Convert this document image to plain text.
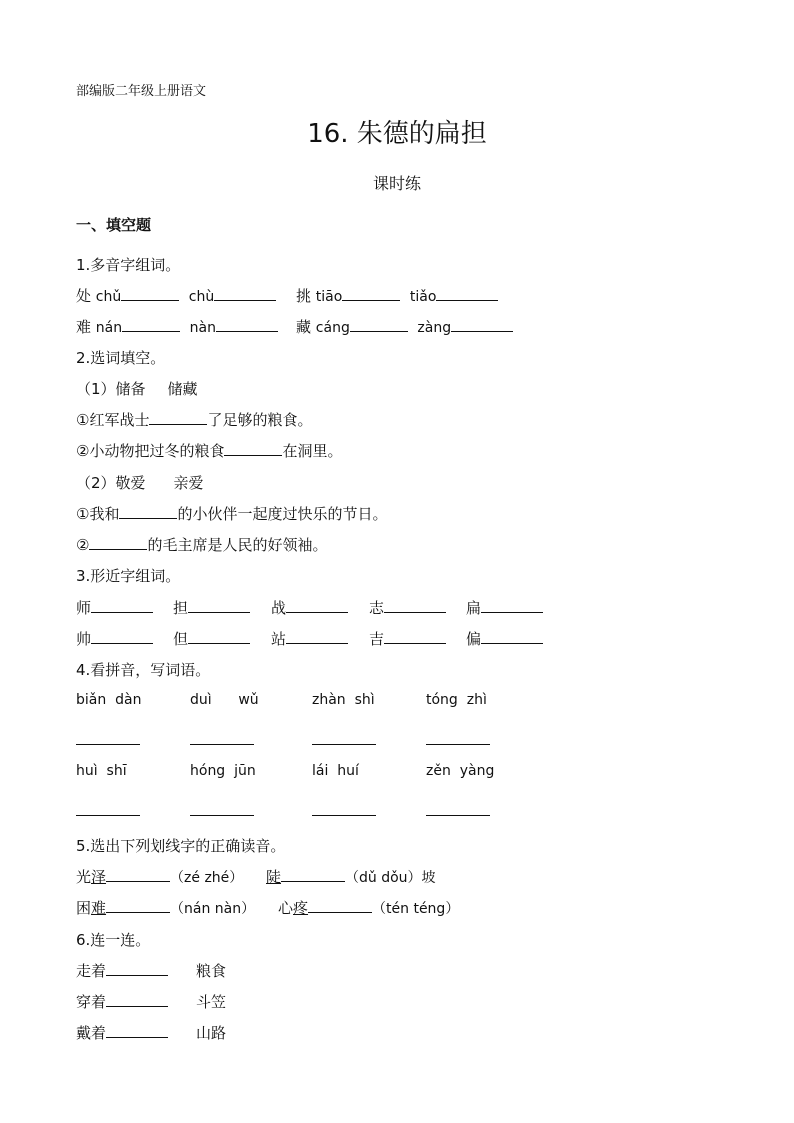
部编版二年级上册语文
16. 朱德的扁担
课时练
一、填空题
1.多音字组词。
处 chǔ	chù	挑 tiāo	tiǎo
难 nán	nàn	藏 cáng	zàng
2.选词填空。
（1）储备 储藏
①红军战士	了足够的粮食。
②小动物把过冬的粮食	在洞里。
（2）敬爱 亲爱
①我和	的小伙伴一起度过快乐的节日。
②	的毛主席是人民的好领袖。
3.形近字组词。
师	担	战	志	扁
帅	但	站	吉	偏
4.看拼音，写词语。
biǎn dàn	duì wǔ	zhàn shì	tóng zhì
huì shī	hóng jūn	lái huí	zěn yàng
5.选出下列划线字的正确读音。
光泽	（zé zhé） 陡	（dǔ dǒu）坡
困难	（nán nàn） 心疼	（tén téng）
6.连一连。
走着	粮食
穿着	斗笠
戴着	山路
